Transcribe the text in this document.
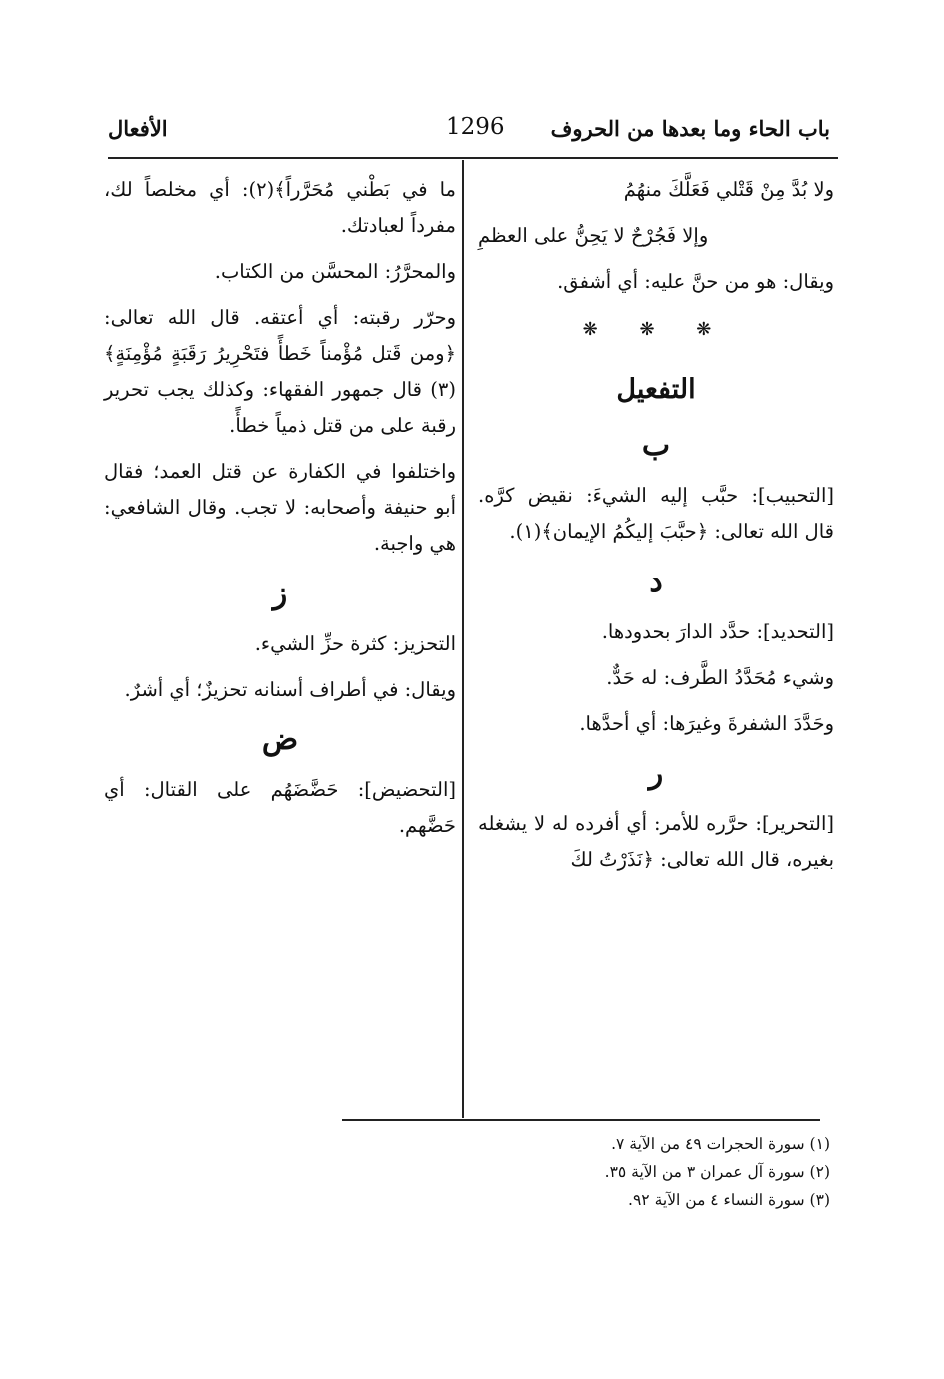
باب الحاء وما بعدها من الحروف
1296
الأفعال

ولا بُدَّ مِنْ قَتْلي فَعَلَّكَ منهُمُ

وإلا فَجُرْحٌ لا يَحِنُّ على العظمِ

ويقال: هو من حنَّ عليه: أي أشفق.

❋ ❋ ❋
التفعيل
ب

[التحبيب]: حبَّب إليه الشيءَ: نقيض كرَّه. قال الله تعالى: ﴿حبَّبَ إليكُمُ الإيمان﴾(١).

د

[التحديد]: حدَّد الدارَ بحدودها.

وشيء مُحَدَّدُ الطَّرف: له حَدٌّ.

وحَدَّدَ الشفرةَ وغيرَها: أي أحدَّها.

ر

[التحرير]: حرَّره للأمر: أي أفرده له لا يشغله بغيره، قال الله تعالى: ﴿نَذَرْتُ لكَ

ما في بَطْني مُحَرَّراً﴾(٢): أي مخلصاً لك، مفرداً لعبادتك.

والمحرَّرُ: المحسَّن من الكتاب.

وحرّر رقبته: أي أعتقه. قال الله تعالى: ﴿ومن قَتل مُؤْمناً خَطأً فتَحْرِيرُ رَقَبَةٍ مُؤْمِنَةٍ﴾(٣) قال جمهور الفقهاء: وكذلك يجب تحرير رقبة على من قتل ذمياً خطأً.

واختلفوا في الكفارة عن قتل العمد؛ فقال أبو حنيفة وأصحابه: لا تجب. وقال الشافعي: هي واجبة.

ز

التحزيز: كثرة حزِّ الشيء.

ويقال: في أطراف أسنانه تحزيزٌ؛ أي أشرٌ.

ض

[التحضيض]: حَضَّضَهُم على القتال: أي حَضَّهم.

(١) سورة الحجرات ٤٩ من الآية ٧.
(٢) سورة آل عمران ٣ من الآية ٣٥.
(٣) سورة النساء ٤ من الآية ٩٢.
